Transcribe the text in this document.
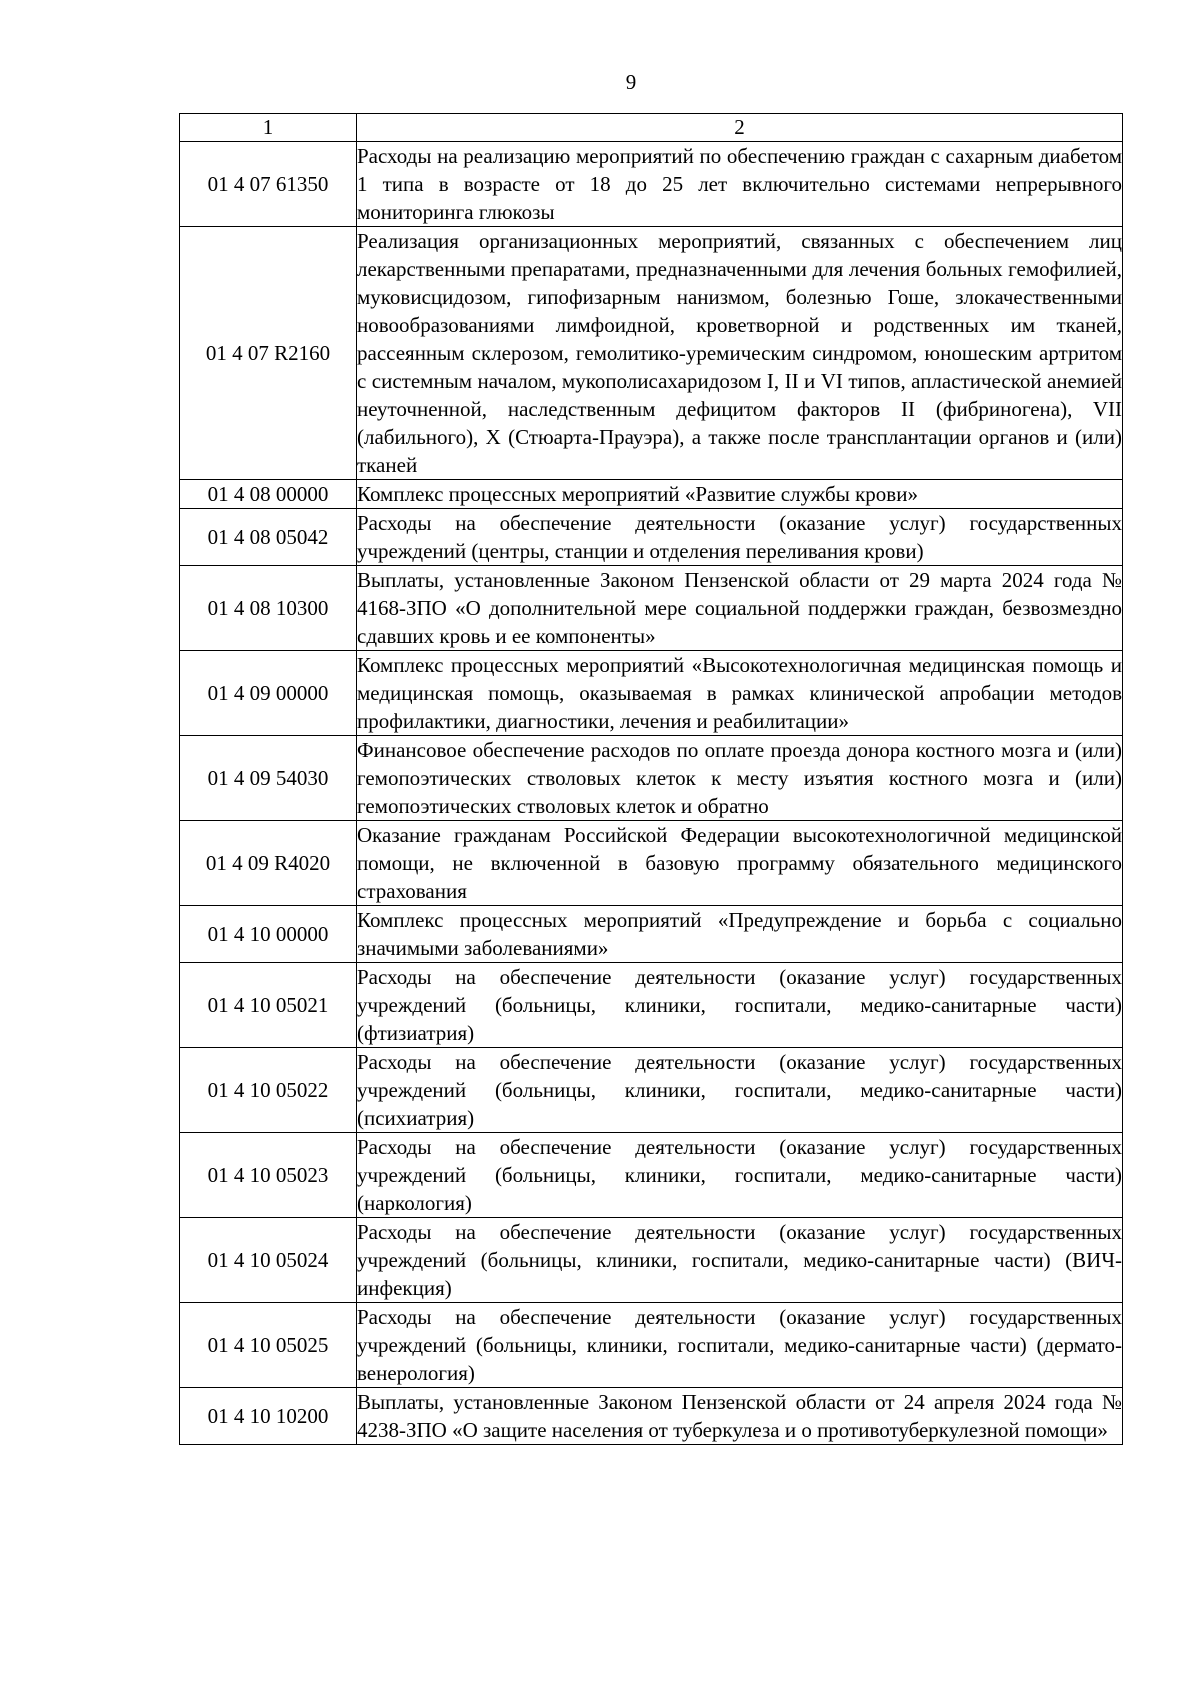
9
1	2
01 4 07 61350	Расходы на реализацию мероприятий по обеспечению граждан с сахарным диабетом 1 типа в возрасте от 18 до 25 лет включительно системами непрерывного мониторинга глюкозы
01 4 07 R2160	Реализация организационных мероприятий, связанных с обеспечением лиц лекарственными препаратами, предназначенными для лечения больных гемофилией, муковисцидозом, гипофизарным нанизмом, болезнью Гоше, злокачественными новообразованиями лимфоидной, кроветворной и родственных им тканей, рассеянным склерозом, гемолитико-уремическим синдромом, юношеским артритом с системным началом, мукополисахаридозом I, II и VI типов, апластической анемией неуточненной, наследственным дефицитом факторов II (фибриногена), VII (лабильного), X (Стюарта-Прауэра), а также после трансплантации органов и (или) тканей
01 4 08 00000	Комплекс процессных мероприятий «Развитие службы крови»
01 4 08 05042	Расходы на обеспечение деятельности (оказание услуг) государственных учреждений (центры, станции и отделения переливания крови)
01 4 08 10300	Выплаты, установленные Законом Пензенской области от 29 марта 2024 года № 4168-ЗПО «О дополнительной мере социальной поддержки граждан, безвозмездно сдавших кровь и ее компоненты»
01 4 09 00000	Комплекс процессных мероприятий «Высокотехнологичная медицинская помощь и медицинская помощь, оказываемая в рамках клинической апробации методов профилактики, диагностики, лечения и реабилитации»
01 4 09 54030	Финансовое обеспечение расходов по оплате проезда донора костного мозга и (или) гемопоэтических стволовых клеток к месту изъятия костного мозга и (или) гемопоэтических стволовых клеток и обратно
01 4 09 R4020	Оказание гражданам Российской Федерации высокотехнологичной медицинской помощи, не включенной в базовую программу обязательного медицинского страхования
01 4 10 00000	Комплекс процессных мероприятий «Предупреждение и борьба с социально значимыми заболеваниями»
01 4 10 05021	Расходы на обеспечение деятельности (оказание услуг) государственных учреждений (больницы, клиники, госпитали, медико-санитарные части) (фтизиатрия)
01 4 10 05022	Расходы на обеспечение деятельности (оказание услуг) государственных учреждений (больницы, клиники, госпитали, медико-санитарные части) (психиатрия)
01 4 10 05023	Расходы на обеспечение деятельности (оказание услуг) государственных учреждений (больницы, клиники, госпитали, медико-санитарные части) (наркология)
01 4 10 05024	Расходы на обеспечение деятельности (оказание услуг) государственных учреждений (больницы, клиники, госпитали, медико-санитарные части) (ВИЧ-инфекция)
01 4 10 05025	Расходы на обеспечение деятельности (оказание услуг) государственных учреждений (больницы, клиники, госпитали, медико-санитарные части) (дермато-венерология)
01 4 10 10200	Выплаты, установленные Законом Пензенской области от 24 апреля 2024 года № 4238-ЗПО «О защите населения от туберкулеза и о противотуберкулезной помощи»
